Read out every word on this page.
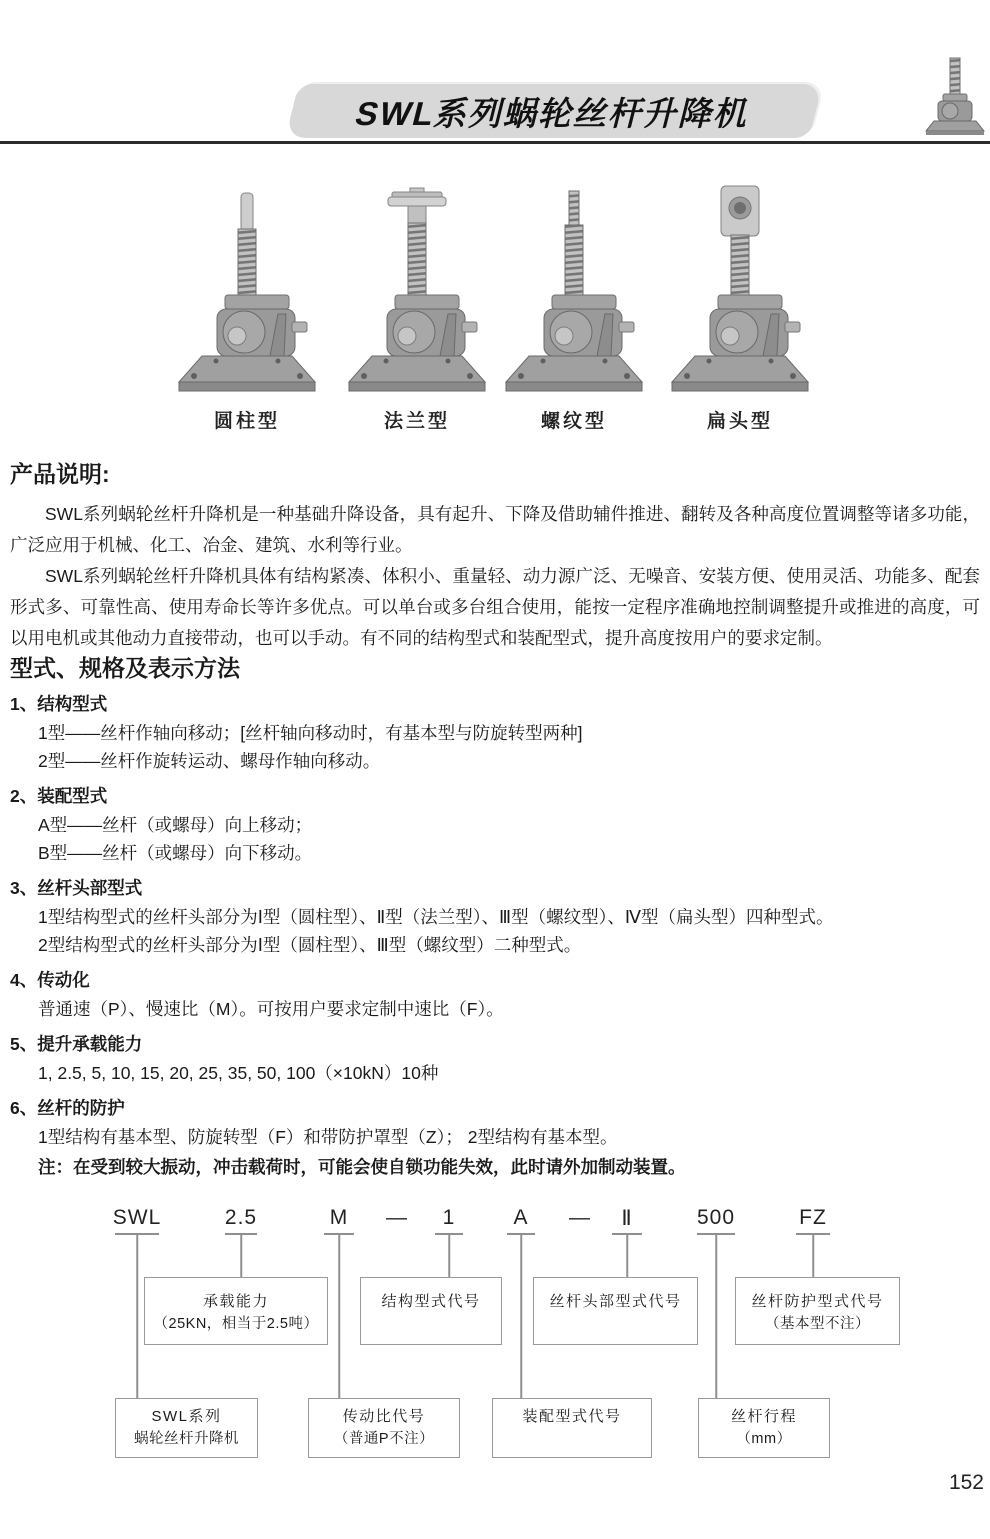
SWL系列蜗轮丝杆升降机
圆柱型	法兰型	螺纹型	扁头型
产品说明:

SWL系列蜗轮丝杆升降机是一种基础升降设备，具有起升、下降及借助辅件推进、翻转及各种高度位置调整等诸多功能，广泛应用于机械、化工、冶金、建筑、水利等行业。

SWL系列蜗轮丝杆升降机具体有结构紧凑、体积小、重量轻、动力源广泛、无噪音、安装方便、使用灵活、功能多、配套形式多、可靠性高、使用寿命长等许多优点。可以单台或多台组合使用，能按一定程序准确地控制调整提升或推进的高度，可以用电机或其他动力直接带动，也可以手动。有不同的结构型式和装配型式，提升高度按用户的要求定制。

型式、规格及表示方法
1、结构型式
1型——丝杆作轴向移动；[丝杆轴向移动时，有基本型与防旋转型两种]
2型——丝杆作旋转运动、螺母作轴向移动。
2、装配型式
A型——丝杆（或螺母）向上移动；
B型——丝杆（或螺母）向下移动。
3、丝杆头部型式
1型结构型式的丝杆头部分为Ⅰ型（圆柱型）、Ⅱ型（法兰型）、Ⅲ型（螺纹型）、Ⅳ型（扁头型）四种型式。
2型结构型式的丝杆头部分为Ⅰ型（圆柱型）、Ⅲ型（螺纹型）二种型式。
4、传动化
普通速（P）、慢速比（M）。可按用户要求定制中速比（F）。
5、提升承载能力
1, 2.5, 5, 10, 15, 20, 25, 35, 50, 100（×10kN）10种
6、丝杆的防护
1型结构有基本型、防旋转型（F）和带防护罩型（Z）； 2型结构有基本型。
注：在受到较大振动，冲击载荷时，可能会使自锁功能失效，此时请外加制动装置。
SWL	2.5	M — 1	A — Ⅱ	500	FZ
承载能力
（25KN，相当于2.5吨）
结构型式代号	丝杆头部型式代号	丝杆防护型式代号
（基本型不注）
SWL系列
蜗轮丝杆升降机
传动比代号
（普通P不注）
装配型式代号	丝杆行程
（mm）
152
